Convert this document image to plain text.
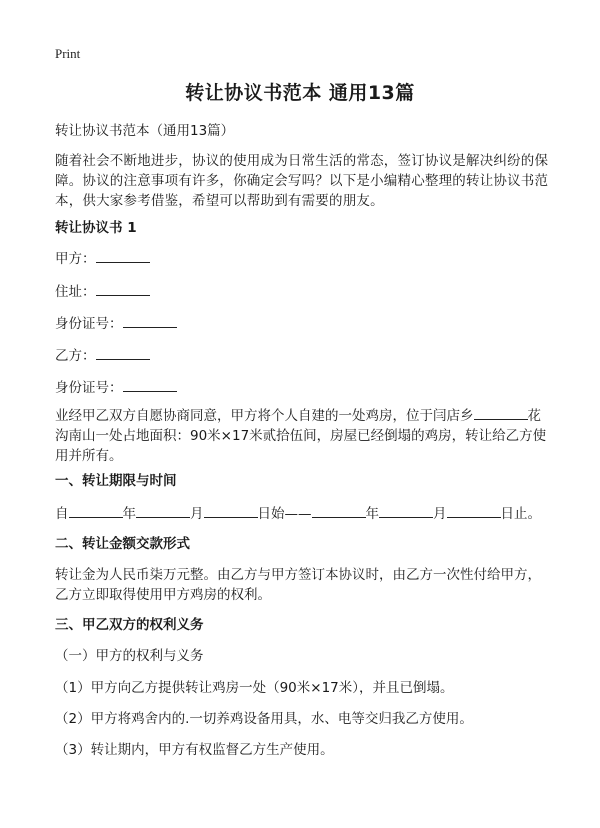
Print
转让协议书范本 通用13篇
转让协议书范本（通用13篇）
随着社会不断地进步，协议的使用成为日常生活的常态，签订协议是解决纠纷的保障。协议的注意事项有许多，你确定会写吗？以下是小编精心整理的转让协议书范本，供大家参考借鉴，希望可以帮助到有需要的朋友。
转让协议书 1
甲方：
住址：
身份证号：
乙方：
身份证号：
业经甲乙双方自愿协商同意，甲方将个人自建的一处鸡房，位于闫店乡	花沟南山一处占地面积：90米×17米贰拾伍间，房屋已经倒塌的鸡房，转让给乙方使用并所有。
一、转让期限与时间
自	年	月	日始——	年	月	日止。
二、转让金额交款形式
转让金为人民币柒万元整。由乙方与甲方签订本协议时，由乙方一次性付给甲方，乙方立即取得使用甲方鸡房的权利。
三、甲乙双方的权利义务
（一）甲方的权利与义务
（1）甲方向乙方提供转让鸡房一处（90米×17米），并且已倒塌。
（2）甲方将鸡舍内的.一切养鸡设备用具，水、电等交归我乙方使用。
（3）转让期内，甲方有权监督乙方生产使用。
